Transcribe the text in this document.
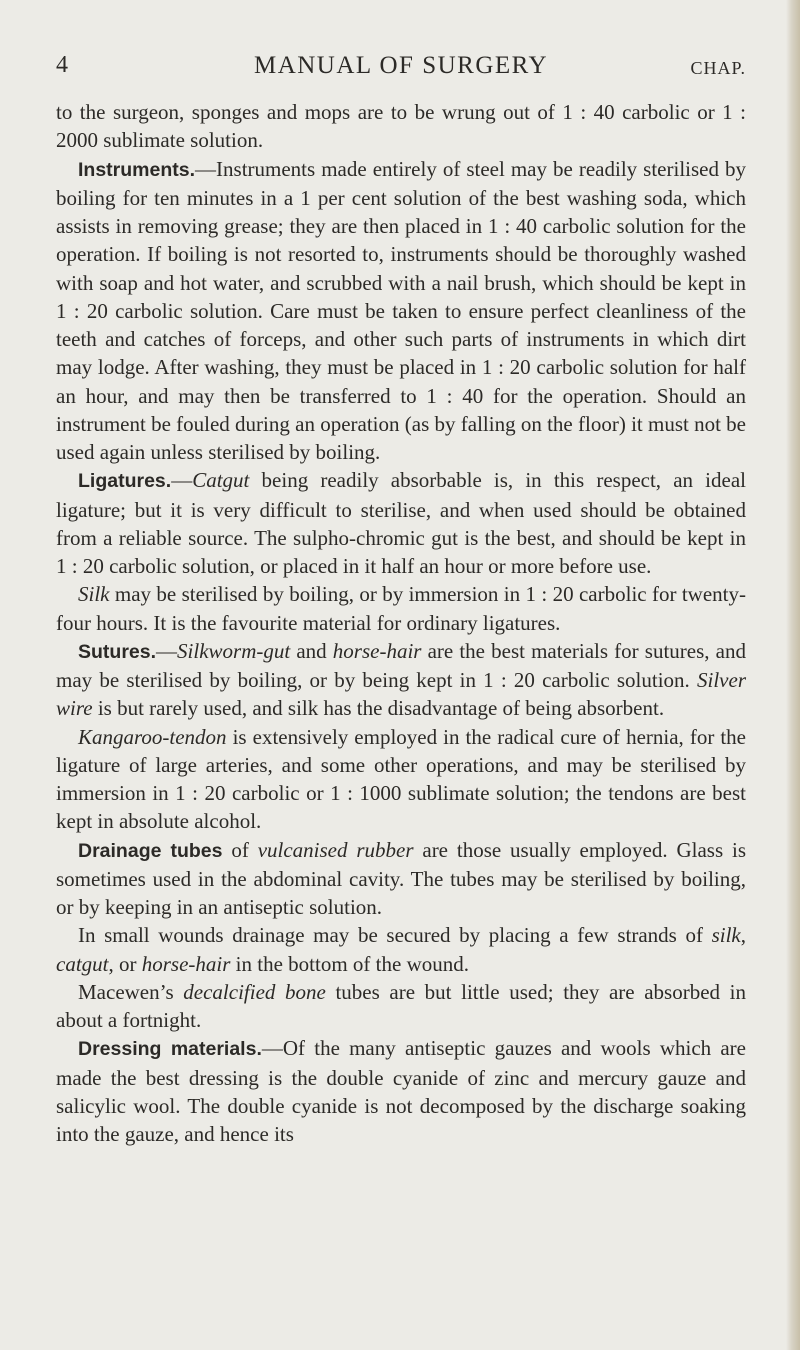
4	MANUAL OF SURGERY	CHAP.

to the surgeon, sponges and mops are to be wrung out of 1 : 40 carbolic or 1 : 2000 sublimate solution.

Instruments.—Instruments made entirely of steel may be readily sterilised by boiling for ten minutes in a 1 per cent solution of the best washing soda, which assists in removing grease; they are then placed in 1 : 40 carbolic solution for the operation. If boiling is not resorted to, instruments should be thoroughly washed with soap and hot water, and scrubbed with a nail brush, which should be kept in 1 : 20 carbolic solution. Care must be taken to ensure perfect cleanliness of the teeth and catches of forceps, and other such parts of instruments in which dirt may lodge. After washing, they must be placed in 1 : 20 carbolic solution for half an hour, and may then be transferred to 1 : 40 for the operation. Should an instrument be fouled during an operation (as by falling on the floor) it must not be used again unless sterilised by boiling.

Ligatures.—Catgut being readily absorbable is, in this respect, an ideal ligature; but it is very difficult to sterilise, and when used should be obtained from a reliable source. The sulpho-chromic gut is the best, and should be kept in 1 : 20 carbolic solution, or placed in it half an hour or more before use.

Silk may be sterilised by boiling, or by immersion in 1 : 20 carbolic for twenty-four hours. It is the favourite material for ordinary ligatures.

Sutures.—Silkworm-gut and horse-hair are the best materials for sutures, and may be sterilised by boiling, or by being kept in 1 : 20 carbolic solution. Silver wire is but rarely used, and silk has the disadvantage of being absorbent.

Kangaroo-tendon is extensively employed in the radical cure of hernia, for the ligature of large arteries, and some other operations, and may be sterilised by immersion in 1 : 20 carbolic or 1 : 1000 sublimate solution; the tendons are best kept in absolute alcohol.

Drainage tubes of vulcanised rubber are those usually employed. Glass is sometimes used in the abdominal cavity. The tubes may be sterilised by boiling, or by keeping in an antiseptic solution.

In small wounds drainage may be secured by placing a few strands of silk, catgut, or horse-hair in the bottom of the wound.

Macewen’s decalcified bone tubes are but little used; they are absorbed in about a fortnight.

Dressing materials.—Of the many antiseptic gauzes and wools which are made the best dressing is the double cyanide of zinc and mercury gauze and salicylic wool. The double cyanide is not decomposed by the discharge soaking into the gauze, and hence its
